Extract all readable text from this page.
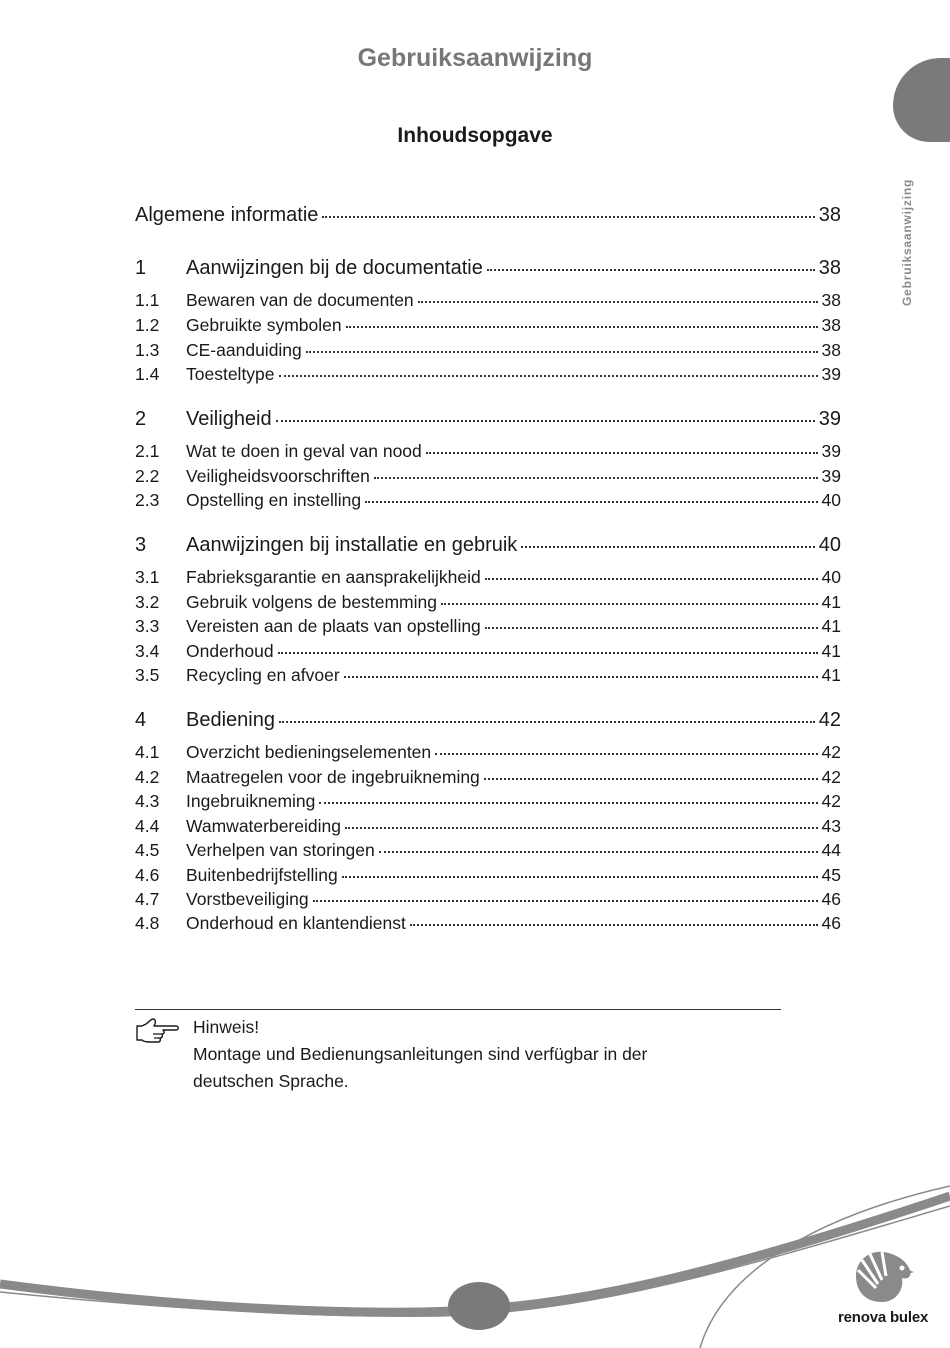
Gebruiksaanwijzing
Gebruiksaanwijzing
Inhoudsopgave
Algemene informatie	38
1	Aanwijzingen bij de documentatie	38
1.1	Bewaren van de documenten	38
1.2	Gebruikte symbolen	38
1.3	CE-aanduiding	38
1.4	Toesteltype	39
2	Veiligheid	39
2.1	Wat te doen in geval van nood	39
2.2	Veiligheidsvoorschriften	39
2.3	Opstelling en instelling	40
3	Aanwijzingen bij installatie en gebruik	40
3.1	Fabrieksgarantie en aansprakelijkheid	40
3.2	Gebruik volgens de bestemming	41
3.3	Vereisten aan de plaats van opstelling	41
3.4	Onderhoud	41
3.5	Recycling en afvoer	41
4	Bediening	42
4.1	Overzicht bedieningselementen	42
4.2	Maatregelen voor de ingebruikneming	42
4.3	Ingebruikneming	42
4.4	Wamwaterbereiding	43
4.5	Verhelpen van storingen	44
4.6	Buitenbedrijfstelling	45
4.7	Vorstbeveiliging	46
4.8	Onderhoud en klantendienst	46
Hinweis!
Montage und Bedienungsanleitungen sind verfügbar in der
deutschen Sprache.
renova bulex
